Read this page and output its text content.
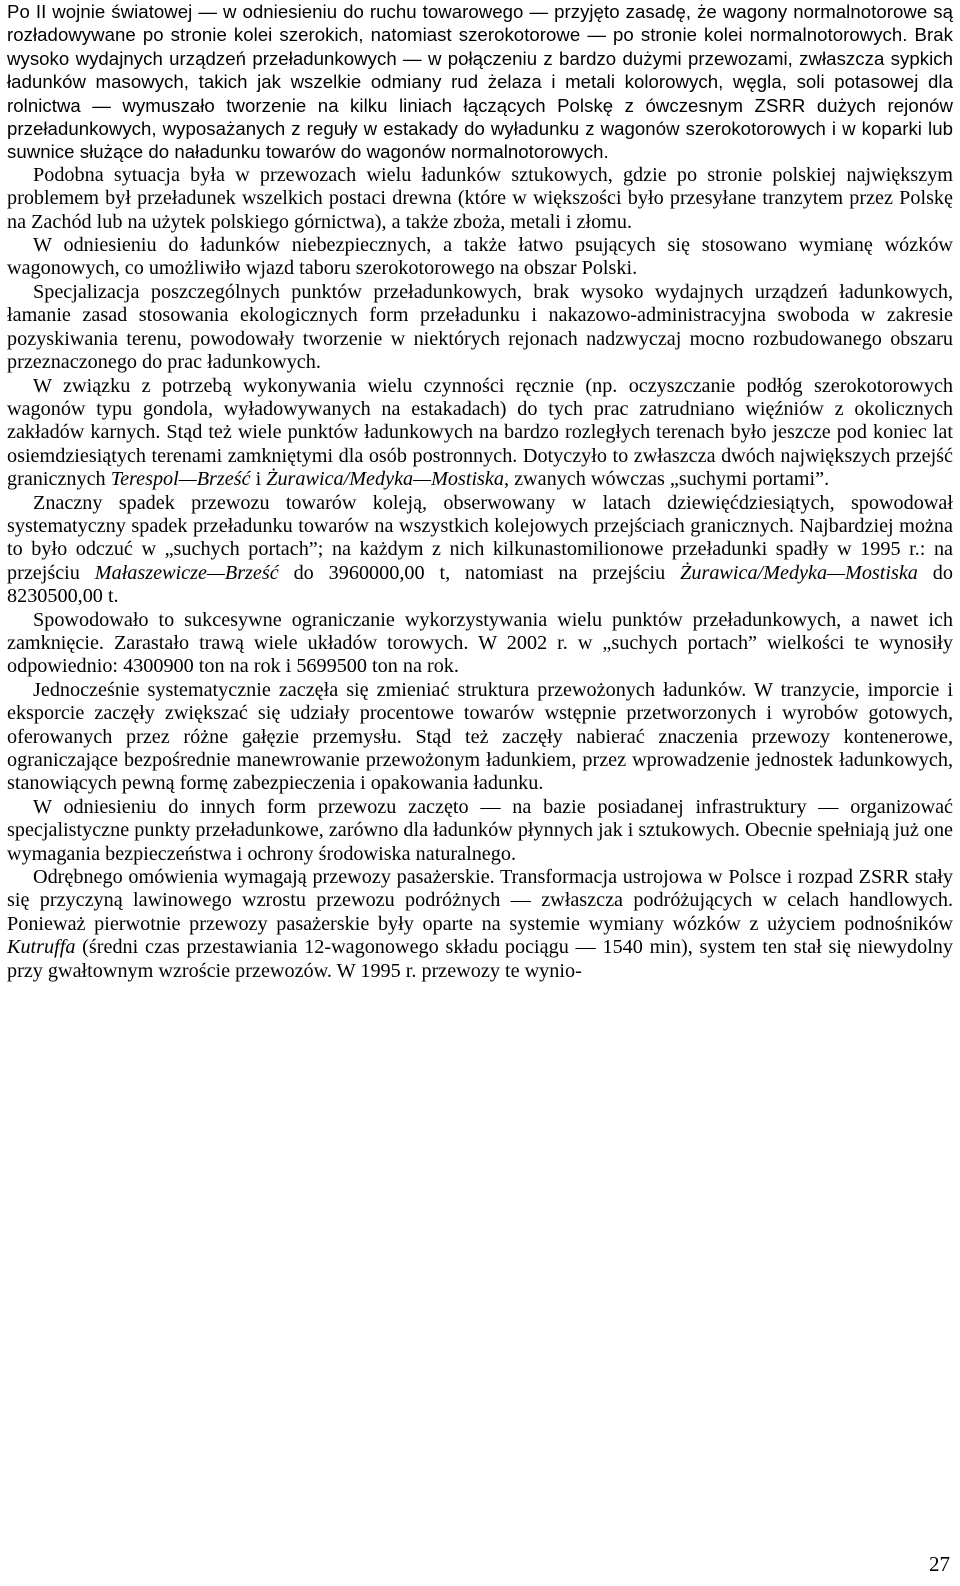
Po II wojnie światowej — w odniesieniu do ruchu towarowego — przyjęto zasadę, że wagony normalnotorowe są rozładowywane po stronie kolei szerokich, natomiast szerokotorowe — po stronie kolei normalnotorowych. Brak wysoko wydajnych urządzeń przeładunkowych — w połączeniu z bardzo dużymi przewozami, zwłaszcza sypkich ładunków masowych, takich jak wszelkie odmiany rud żelaza i metali kolorowych, węgla, soli potasowej dla rolnictwa — wymuszało tworzenie na kilku liniach łączących Polskę z ówczesnym ZSRR dużych rejonów przeładunkowych, wyposażanych z reguły w estakady do wyładunku z wagonów szerokotorowych i w koparki lub suwnice służące do naładunku towarów do wagonów normalnotorowych.

Podobna sytuacja była w przewozach wielu ładunków sztukowych, gdzie po stronie polskiej największym problemem był przeładunek wszelkich postaci drewna (które w większości było przesyłane tranzytem przez Polskę na Zachód lub na użytek polskiego górnictwa), a także zboża, metali i złomu.

W odniesieniu do ładunków niebezpiecznych, a także łatwo psujących się stosowano wymianę wózków wagonowych, co umożliwiło wjazd taboru szerokotorowego na obszar Polski.

Specjalizacja poszczególnych punktów przeładunkowych, brak wysoko wydajnych urządzeń ładunkowych, łamanie zasad stosowania ekologicznych form przeładunku i nakazowo-administracyjna swoboda w zakresie pozyskiwania terenu, powodowały tworzenie w niektórych rejonach nadzwyczaj mocno rozbudowanego obszaru przeznaczonego do prac ładunkowych.

W związku z potrzebą wykonywania wielu czynności ręcznie (np. oczyszczanie podłóg szerokotorowych wagonów typu gondola, wyładowywanych na estakadach) do tych prac zatrudniano więźniów z okolicznych zakładów karnych. Stąd też wiele punktów ładunkowych na bardzo rozległych terenach było jeszcze pod koniec lat osiemdziesiątych terenami zamkniętymi dla osób postronnych. Dotyczyło to zwłaszcza dwóch największych przejść granicznych Terespol—Brześć i Żurawica/Medyka—Mostiska, zwanych wówczas „suchymi portami”.

Znaczny spadek przewozu towarów koleją, obserwowany w latach dziewięćdziesiątych, spowodował systematyczny spadek przeładunku towarów na wszystkich kolejowych przejściach granicznych. Najbardziej można to było odczuć w „suchych portach”; na każdym z nich kilkunastomilionowe przeładunki spadły w 1995 r.: na przejściu Małaszewicze—Brześć do 3960000,00 t, natomiast na przejściu Żurawica/Medyka—Mostiska do 8230500,00 t.

Spowodowało to sukcesywne ograniczanie wykorzystywania wielu punktów przeładunkowych, a nawet ich zamknięcie. Zarastało trawą wiele układów torowych. W 2002 r. w „suchych portach” wielkości te wynosiły odpowiednio: 4300900 ton na rok i 5699500 ton na rok.

Jednocześnie systematycznie zaczęła się zmieniać struktura przewożonych ładunków. W tranzycie, imporcie i eksporcie zaczęły zwiększać się udziały procentowe towarów wstępnie przetworzonych i wyrobów gotowych, oferowanych przez różne gałęzie przemysłu. Stąd też zaczęły nabierać znaczenia przewozy kontenerowe, ograniczające bezpośrednie manewrowanie przewożonym ładunkiem, przez wprowadzenie jednostek ładunkowych, stanowiących pewną formę zabezpieczenia i opakowania ładunku.

W odniesieniu do innych form przewozu zaczęto — na bazie posiadanej infrastruktury — organizować specjalistyczne punkty przeładunkowe, zarówno dla ładunków płynnych jak i sztukowych. Obecnie spełniają już one wymagania bezpieczeństwa i ochrony środowiska naturalnego.

Odrębnego omówienia wymagają przewozy pasażerskie. Transformacja ustrojowa w Polsce i rozpad ZSRR stały się przyczyną lawinowego wzrostu przewozu podróżnych — zwłaszcza podróżujących w celach handlowych. Ponieważ pierwotnie przewozy pasażerskie były oparte na systemie wymiany wózków z użyciem podnośników Kutruffa (średni czas przestawiania 12-wagonowego składu pociągu — 1540 min), system ten stał się niewydolny przy gwałtownym wzroście przewozów. W 1995 r. przewozy te wynio-

27
